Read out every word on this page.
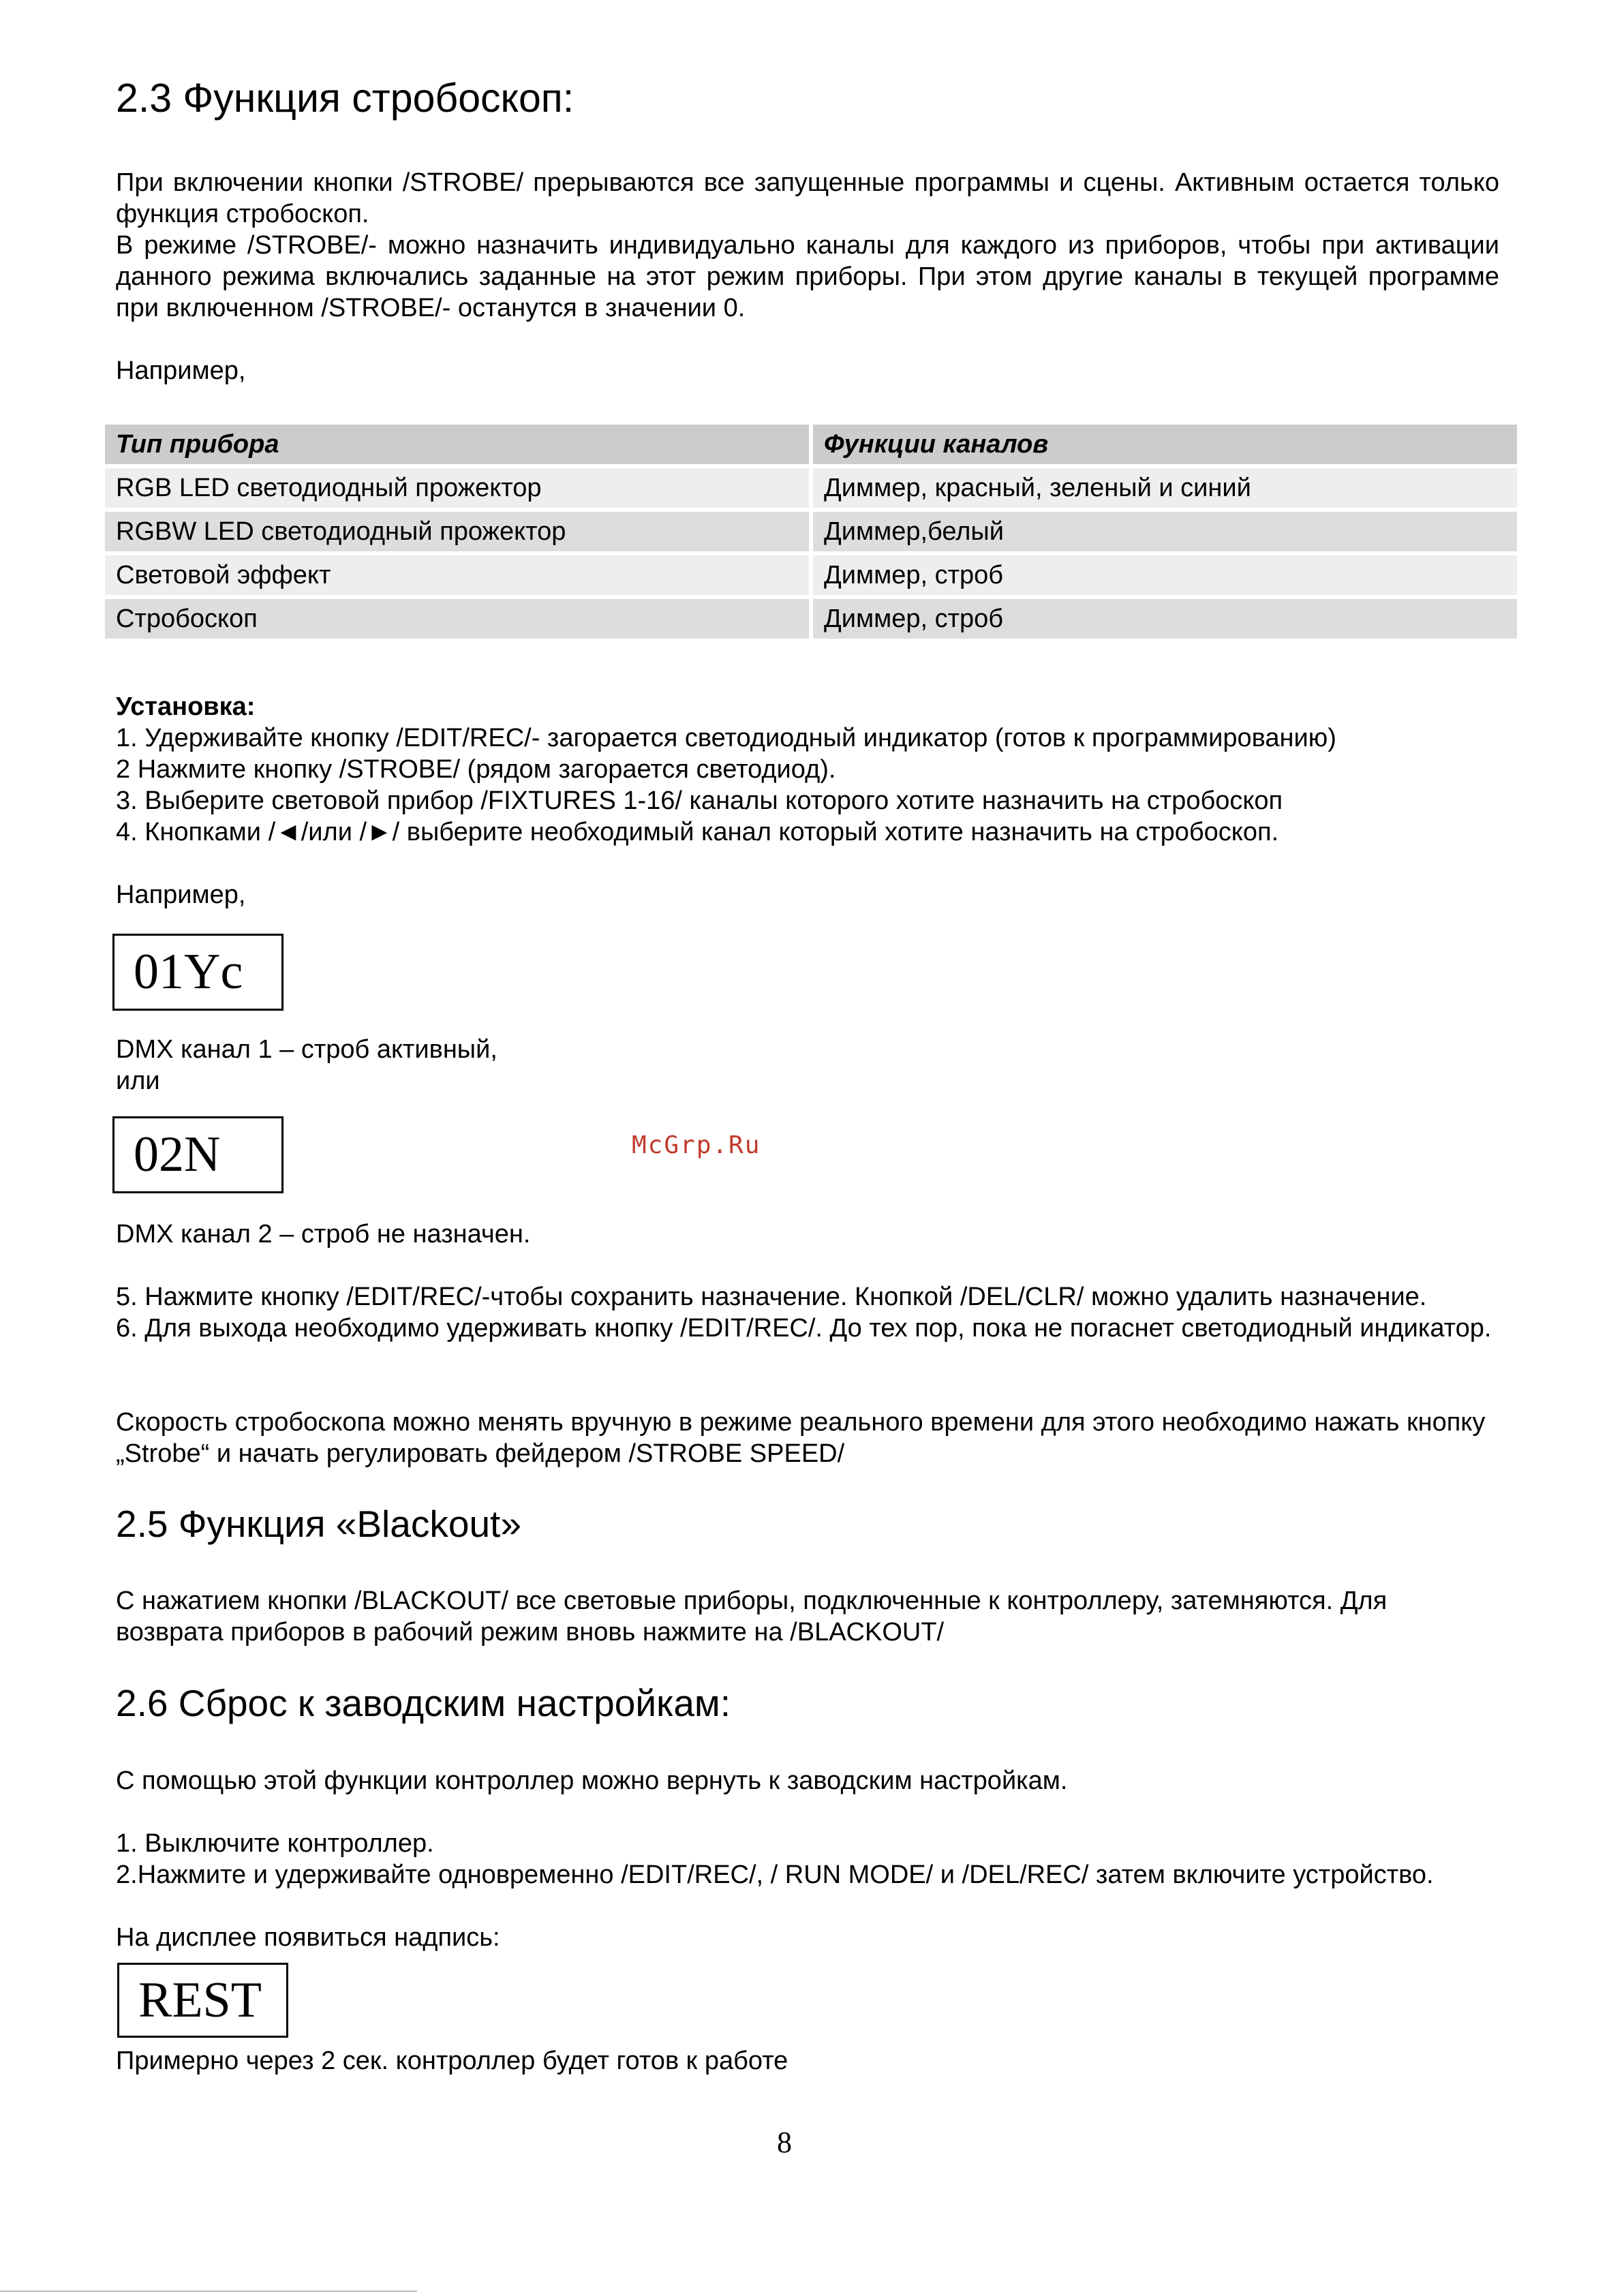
2.3 Функция стробоскоп:
При включении кнопки /STROBE/ прерываются все запущенные программы и сцены. Активным остается только функция стробоскоп.
В режиме /STROBE/- можно назначить индивидуально каналы для каждого из приборов, чтобы при активации данного режима включались заданные на этот режим приборы. При этом другие каналы в текущей программе при включенном /STROBE/- останутся в значении 0.
Например,
Тип прибора	Функции каналов
RGB LED светодиодный прожектор	Диммер, красный, зеленый и синий
RGBW LED светодиодный прожектор	Диммер,белый
Световой эффект	Диммер, строб
Стробоскоп	Диммер, строб
Установка:
1. Удерживайте кнопку /EDIT/REC/- загорается светодиодный индикатор (готов к программированию)
2 Нажмите кнопку /STROBE/ (рядом загорается светодиод).
3. Выберите световой прибор /FIXTURES 1-16/ каналы которого хотите назначить на стробоскоп
4. Кнопками /◄/или /►/ выберите необходимый канал который хотите назначить на стробоскоп.
Например,
01Yc
DMX канал 1 – строб активный,
или
02N
DMX канал 2 – строб не назначен.
5. Нажмите кнопку /EDIT/REC/-чтобы сохранить назначение. Кнопкой /DEL/CLR/ можно удалить назначение.
6. Для выхода необходимо удерживать кнопку /EDIT/REC/. До тех пор, пока не погаснет светодиодный индикатор.
Скорость стробоскопа можно менять вручную в режиме реального времени для этого необходимо нажать кнопку „Strobe“ и начать регулировать фейдером /STROBE SPEED/
2.5 Функция «Blackout»
С нажатием кнопки /BLACKOUT/ все световые приборы, подключенные к контроллеру, затемняются. Для возврата приборов в рабочий режим вновь нажмите на /BLACKOUT/
2.6 Сброс к заводским настройкам:
С помощью этой функции контроллер можно вернуть к заводским настройкам.
1. Выключите контроллер.
2.Нажмите и удерживайте одновременно /EDIT/REC/, / RUN MODE/ и /DEL/REC/ затем включите устройство.
На дисплее появиться надпись:
REST
Примерно через 2 сек. контроллер будет готов к работе
McGrp.Ru
8
